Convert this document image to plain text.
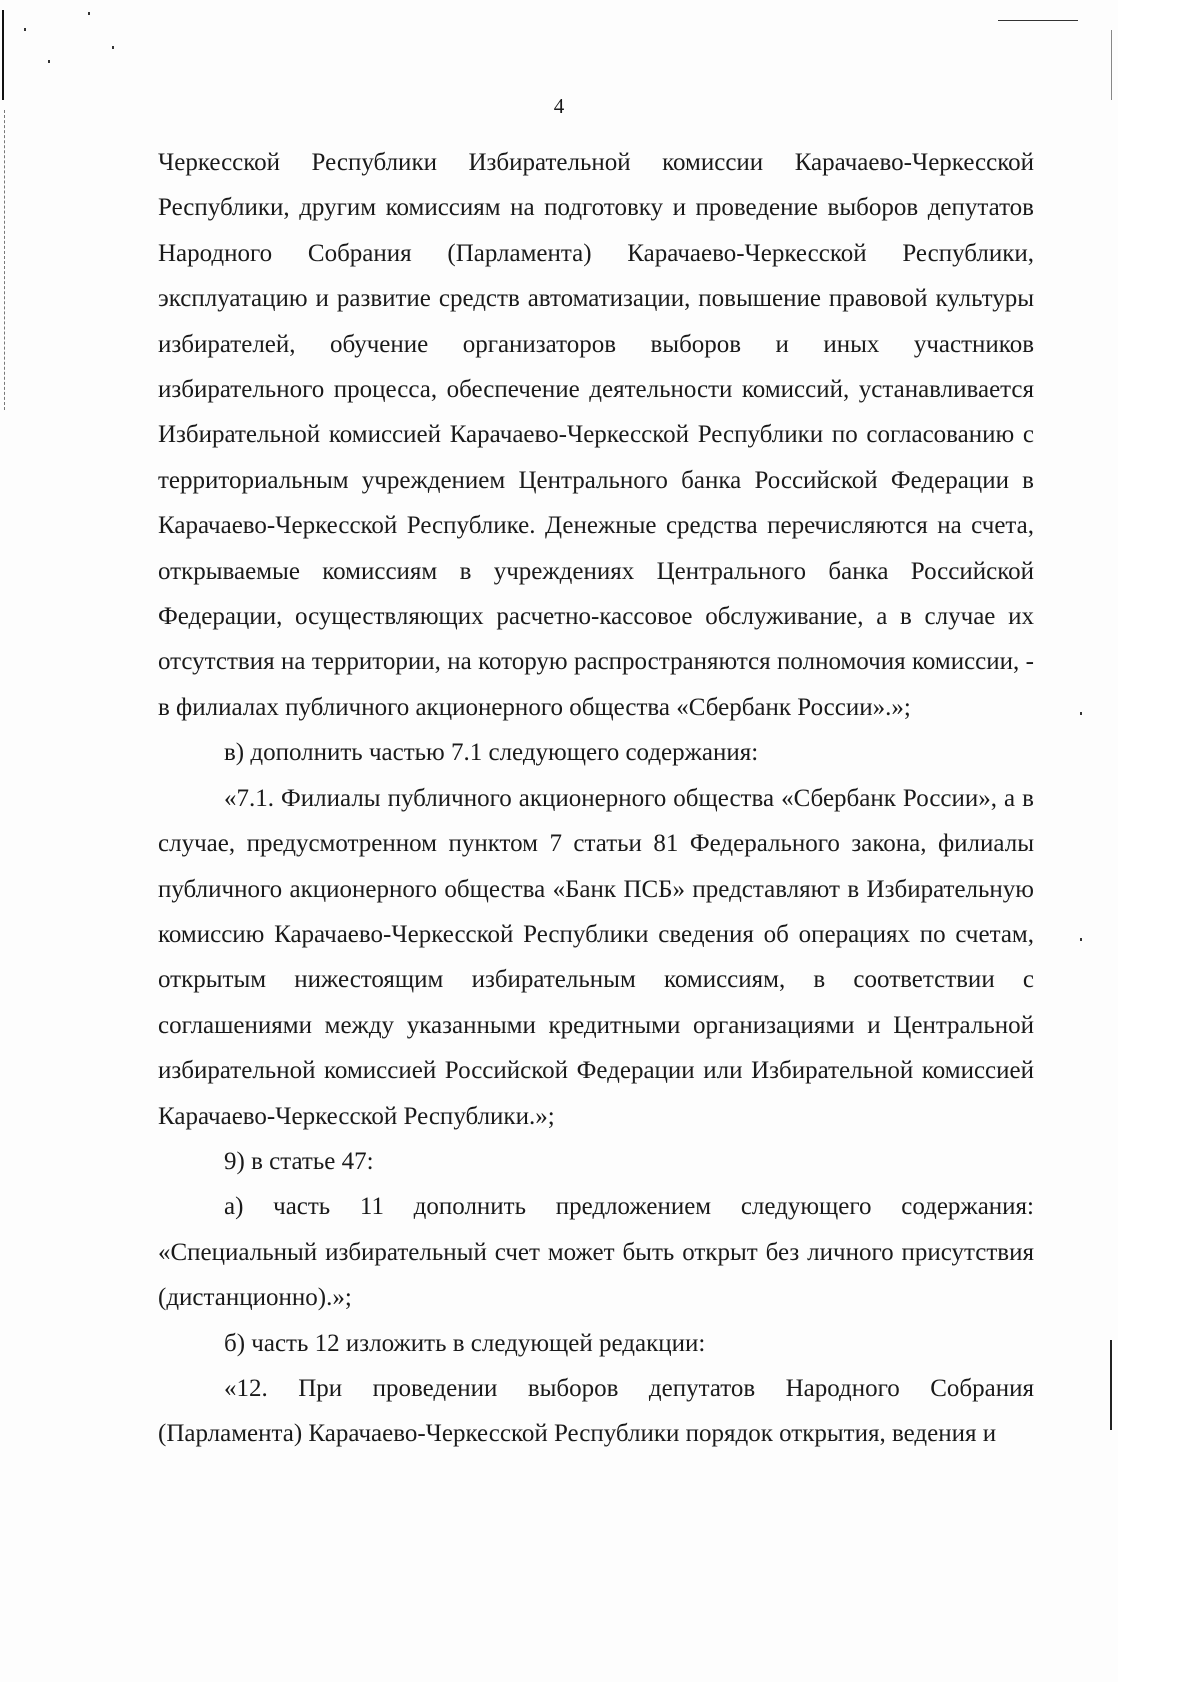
4

Черкесской Республики Избирательной комиссии Карачаево-Черкесской Республики, другим комиссиям на подготовку и проведение выборов депутатов Народного Собрания (Парламента) Карачаево-Черкесской Республики, эксплуатацию и развитие средств автоматизации, повышение правовой культуры избирателей, обучение организаторов выборов и иных участников избирательного процесса, обеспечение деятельности комиссий, устанавливается Избирательной комиссией Карачаево-Черкесской Республики по согласованию с территориальным учреждением Центрального банка Российской Федерации в Карачаево-Черкесской Республике. Денежные средства перечисляются на счета, открываемые комиссиям в учреждениях Центрального банка Российской Федерации, осуществляющих расчетно-кассовое обслуживание, а в случае их отсутствия на территории, на которую распространяются полномочия комиссии, - в филиалах публичного акционерного общества «Сбербанк России».»;

в) дополнить частью 7.1 следующего содержания:

«7.1. Филиалы публичного акционерного общества «Сбербанк России», а в случае, предусмотренном пунктом 7 статьи 81 Федерального закона, филиалы публичного акционерного общества «Банк ПСБ» представляют в Избирательную комиссию Карачаево-Черкесской Республики сведения об операциях по счетам, открытым нижестоящим избирательным комиссиям, в соответствии с соглашениями между указанными кредитными организациями и Центральной избирательной комиссией Российской Федерации или Избирательной комиссией Карачаево-Черкесской Республики.»;

9) в статье 47:

а) часть 11 дополнить предложением следующего содержания: «Специальный избирательный счет может быть открыт без личного присутствия (дистанционно).»;

б) часть 12 изложить в следующей редакции:

«12. При проведении выборов депутатов Народного Собрания (Парламента) Карачаево-Черкесской Республики порядок открытия, ведения и
